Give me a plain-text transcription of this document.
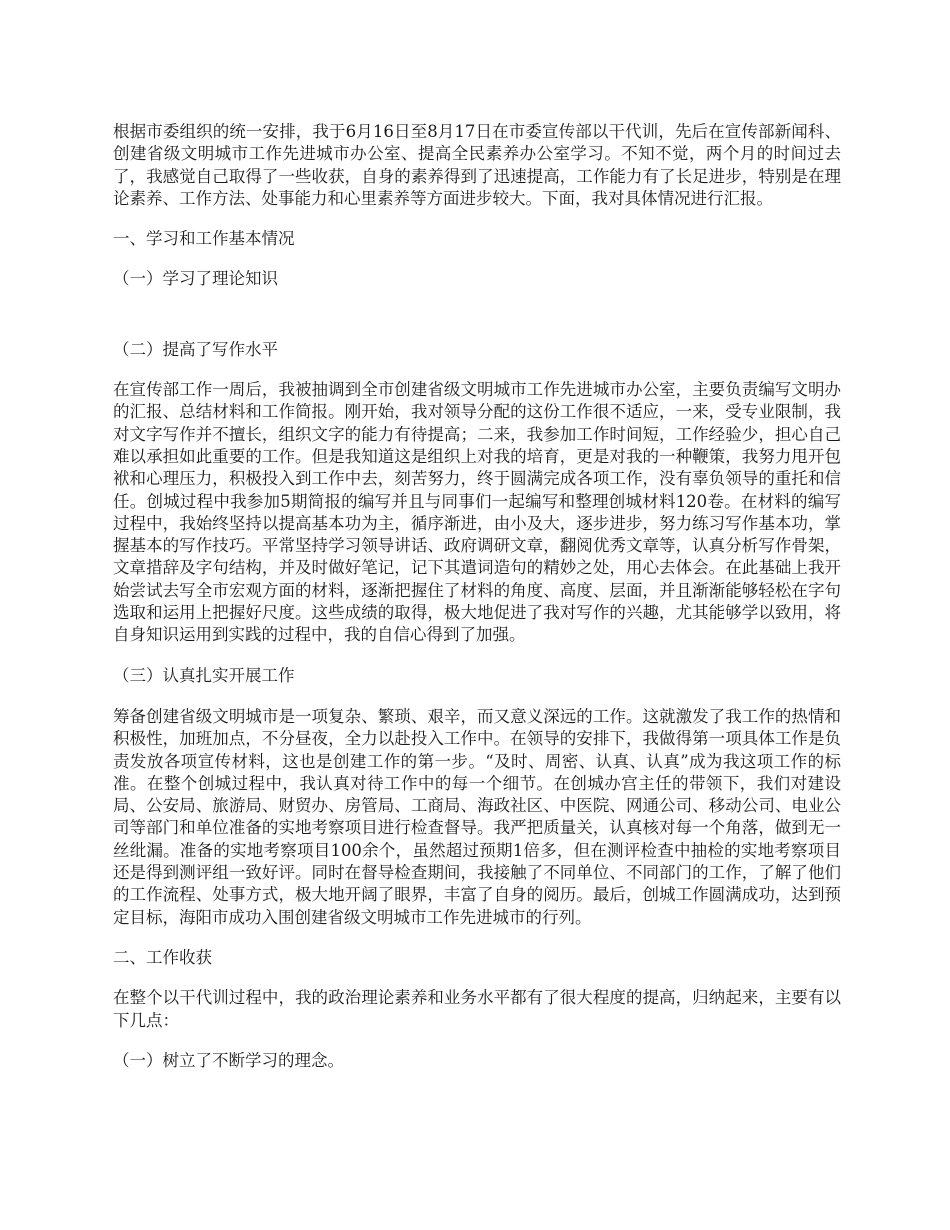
根据市委组织的统一安排，我于6月16日至8月17日在市委宣传部以干代训，先后在宣传部新闻科、创建省级文明城市工作先进城市办公室、提高全民素养办公室学习。不知不觉，两个月的时间过去了，我感觉自己取得了一些收获，自身的素养得到了迅速提高，工作能力有了长足进步，特别是在理论素养、工作方法、处事能力和心里素养等方面进步较大。下面，我对具体情况进行汇报。

一、学习和工作基本情况

（一）学习了理论知识

（二）提高了写作水平

在宣传部工作一周后，我被抽调到全市创建省级文明城市工作先进城市办公室，主要负责编写文明办的汇报、总结材料和工作简报。刚开始，我对领导分配的这份工作很不适应，一来，受专业限制，我对文字写作并不擅长，组织文字的能力有待提高；二来，我参加工作时间短，工作经验少，担心自己难以承担如此重要的工作。但是我知道这是组织上对我的培育，更是对我的一种鞭策，我努力甩开包袱和心理压力，积极投入到工作中去，刻苦努力，终于圆满完成各项工作，没有辜负领导的重托和信任。创城过程中我参加5期简报的编写并且与同事们一起编写和整理创城材料120卷。在材料的编写过程中，我始终坚持以提高基本功为主，循序渐进，由小及大，逐步进步，努力练习写作基本功，掌握基本的写作技巧。平常坚持学习领导讲话、政府调研文章，翻阅优秀文章等，认真分析写作骨架，文章措辞及字句结构，并及时做好笔记，记下其遣词造句的精妙之处，用心去体会。在此基础上我开始尝试去写全市宏观方面的材料，逐渐把握住了材料的角度、高度、层面，并且渐渐能够轻松在字句选取和运用上把握好尺度。这些成绩的取得，极大地促进了我对写作的兴趣，尤其能够学以致用，将自身知识运用到实践的过程中，我的自信心得到了加强。

（三）认真扎实开展工作

筹备创建省级文明城市是一项复杂、繁琐、艰辛，而又意义深远的工作。这就激发了我工作的热情和积极性，加班加点，不分昼夜，全力以赴投入工作中。在领导的安排下，我做得第一项具体工作是负责发放各项宣传材料，这也是创建工作的第一步。“及时、周密、认真、认真”成为我这项工作的标准。在整个创城过程中，我认真对待工作中的每一个细节。在创城办宫主任的带领下，我们对建设局、公安局、旅游局、财贸办、房管局、工商局、海政社区、中医院、网通公司、移动公司、电业公司等部门和单位准备的实地考察项目进行检查督导。我严把质量关，认真核对每一个角落，做到无一丝纰漏。准备的实地考察项目100余个，虽然超过预期1倍多，但在测评检查中抽检的实地考察项目还是得到测评组一致好评。同时在督导检查期间，我接触了不同单位、不同部门的工作，了解了他们的工作流程、处事方式，极大地开阔了眼界，丰富了自身的阅历。最后，创城工作圆满成功，达到预定目标，海阳市成功入围创建省级文明城市工作先进城市的行列。

二、工作收获

在整个以干代训过程中，我的政治理论素养和业务水平都有了很大程度的提高，归纳起来，主要有以下几点：

（一）树立了不断学习的理念。
